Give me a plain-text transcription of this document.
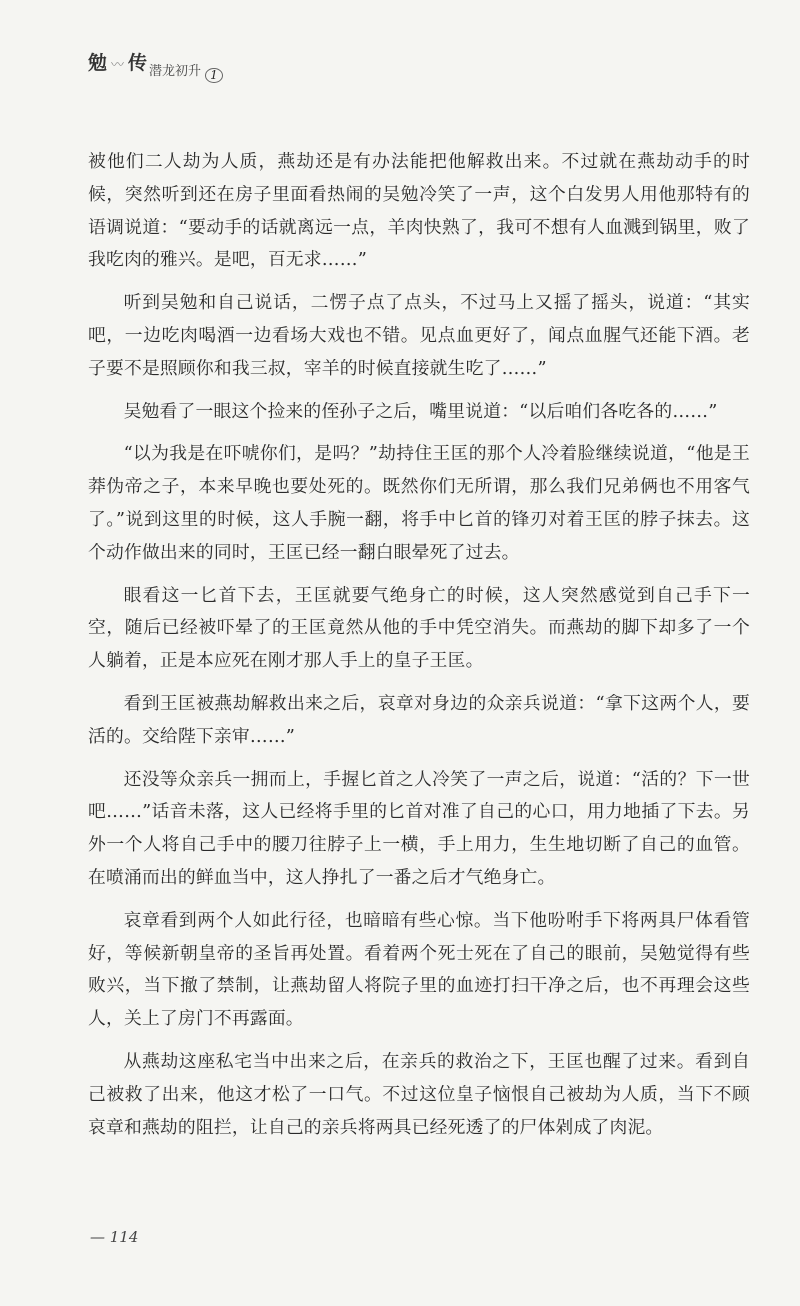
勉 〰 传 潜龙初升 1

被他们二人劫为人质，燕劫还是有办法能把他解救出来。不过就在燕劫动手的时候，突然听到还在房子里面看热闹的吴勉冷笑了一声，这个白发男人用他那特有的语调说道：“要动手的话就离远一点，羊肉快熟了，我可不想有人血溅到锅里，败了我吃肉的雅兴。是吧，百无求……”

听到吴勉和自己说话，二愣子点了点头，不过马上又摇了摇头，说道：“其实吧，一边吃肉喝酒一边看场大戏也不错。见点血更好了，闻点血腥气还能下酒。老子要不是照顾你和我三叔，宰羊的时候直接就生吃了……”

吴勉看了一眼这个捡来的侄孙子之后，嘴里说道：“以后咱们各吃各的……”

“以为我是在吓唬你们，是吗？”劫持住王匡的那个人冷着脸继续说道，“他是王莽伪帝之子，本来早晚也要处死的。既然你们无所谓，那么我们兄弟俩也不用客气了。”说到这里的时候，这人手腕一翻，将手中匕首的锋刃对着王匡的脖子抹去。这个动作做出来的同时，王匡已经一翻白眼晕死了过去。

眼看这一匕首下去，王匡就要气绝身亡的时候，这人突然感觉到自己手下一空，随后已经被吓晕了的王匡竟然从他的手中凭空消失。而燕劫的脚下却多了一个人躺着，正是本应死在刚才那人手上的皇子王匡。

看到王匡被燕劫解救出来之后，哀章对身边的众亲兵说道：“拿下这两个人，要活的。交给陛下亲审……”

还没等众亲兵一拥而上，手握匕首之人冷笑了一声之后，说道：“活的？下一世吧……”话音未落，这人已经将手里的匕首对准了自己的心口，用力地插了下去。另外一个人将自己手中的腰刀往脖子上一横，手上用力，生生地切断了自己的血管。在喷涌而出的鲜血当中，这人挣扎了一番之后才气绝身亡。

哀章看到两个人如此行径，也暗暗有些心惊。当下他吩咐手下将两具尸体看管好，等候新朝皇帝的圣旨再处置。看着两个死士死在了自己的眼前，吴勉觉得有些败兴，当下撤了禁制，让燕劫留人将院子里的血迹打扫干净之后，也不再理会这些人，关上了房门不再露面。

从燕劫这座私宅当中出来之后，在亲兵的救治之下，王匡也醒了过来。看到自己被救了出来，他这才松了一口气。不过这位皇子恼恨自己被劫为人质，当下不顾哀章和燕劫的阻拦，让自己的亲兵将两具已经死透了的尸体剁成了肉泥。

— 114
